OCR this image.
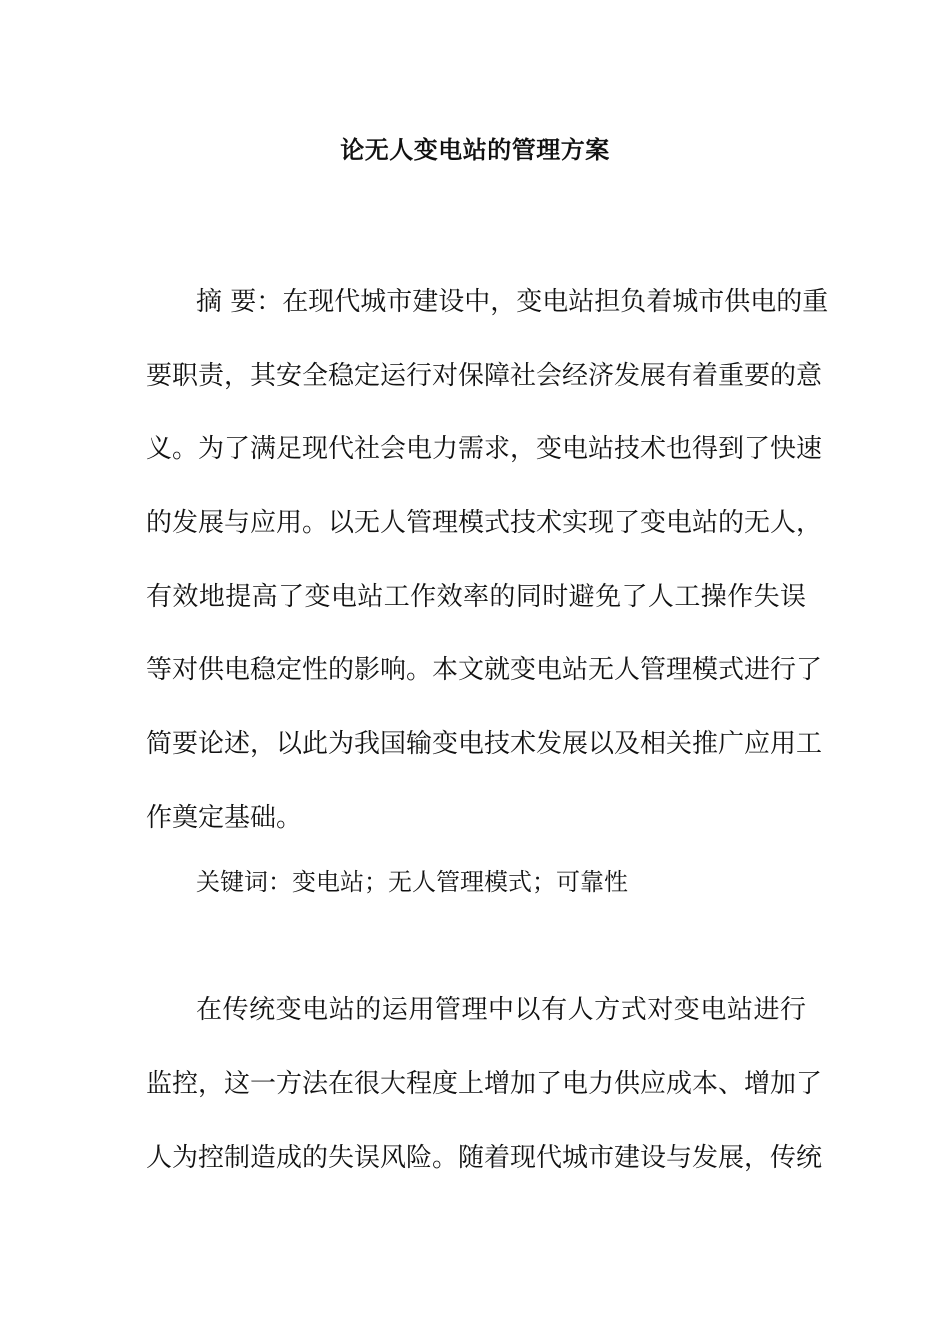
论无人变电站的管理方案
摘 要：在现代城市建设中，变电站担负着城市供电的重
要职责，其安全稳定运行对保障社会经济发展有着重要的意
义。为了满足现代社会电力需求，变电站技术也得到了快速
的发展与应用。以无人管理模式技术实现了变电站的无人，
有效地提高了变电站工作效率的同时避免了人工操作失误
等对供电稳定性的影响。本文就变电站无人管理模式进行了
简要论述，以此为我国输变电技术发展以及相关推广应用工
作奠定基础。
关键词：变电站；无人管理模式；可靠性
在传统变电站的运用管理中以有人方式对变电站进行
监控，这一方法在很大程度上增加了电力供应成本、增加了
人为控制造成的失误风险。随着现代城市建设与发展，传统
